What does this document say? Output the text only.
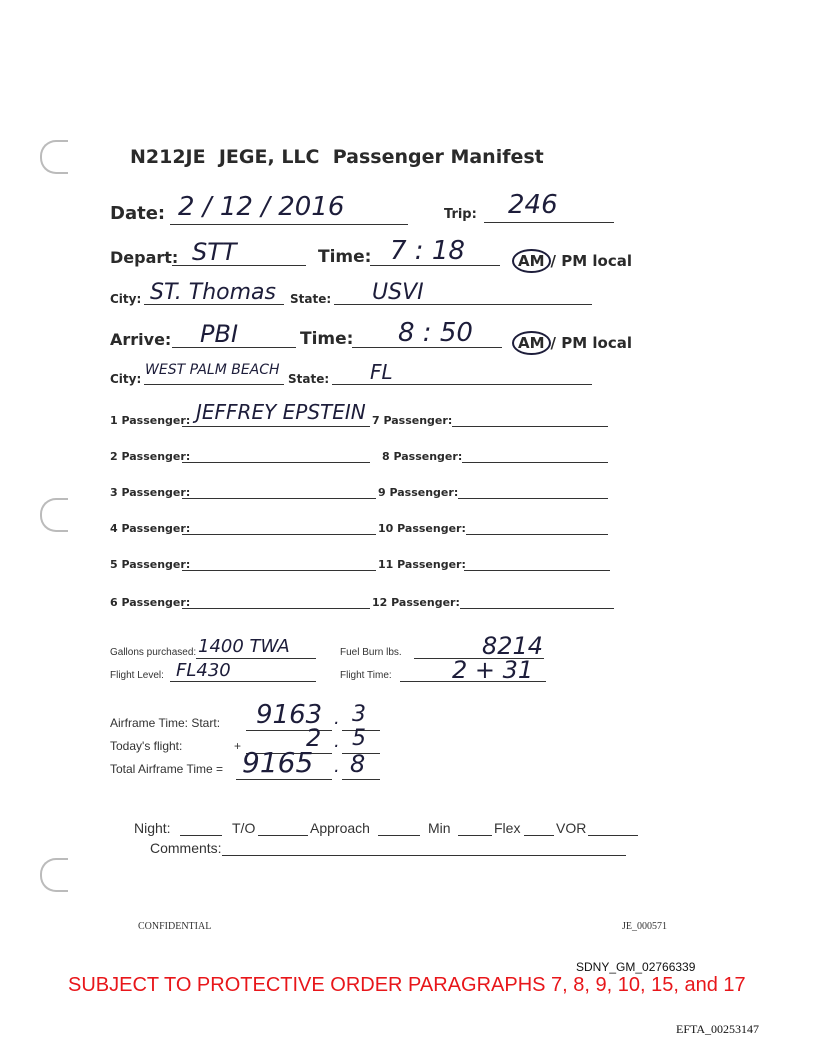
N212JE JEGE, LLC Passenger Manifest
Date: 2 / 12 / 2016	Trip: 246
Depart: STT	Time: 7 : 18	AM / PM local
City: ST. Thomas State: USVI
Arrive: PBI	Time: 8 : 50	AM / PM local
City:
WEST PALM BEACH
State: FL
1 Passenger: JEFFREY EPSTEIN 7 Passenger:
2 Passenger:	8 Passenger:
3 Passenger:	9 Passenger:
4 Passenger:	10 Passenger:
5 Passenger:	11 Passenger:
6 Passenger:	12 Passenger:
Gallons purchased: 1400 TWA	Fuel Burn lbs.	8214
Flight Level: FL430	Flight Time:	2 + 31
Airframe Time: Start: 9163 . 3
Today's flight:	+	2 . 5
Total Airframe Time = 9165 . 8
Night:	T/O	Approach	Min	Flex	VOR
Comments:
CONFIDENTIAL	JE_000571
SDNY_GM_02766339
SUBJECT TO PROTECTIVE ORDER PARAGRAPHS 7, 8, 9, 10, 15, and 17
EFTA_00253147
